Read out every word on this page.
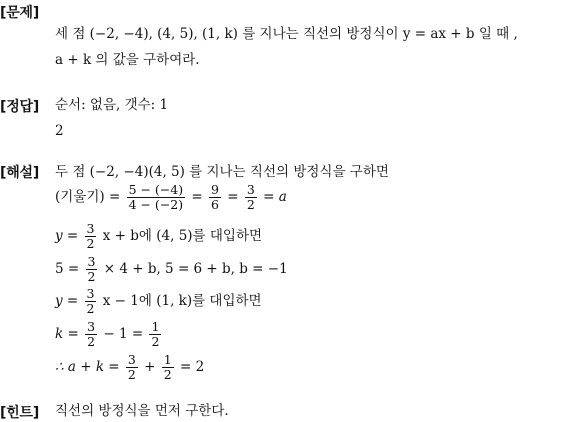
[문제]
세 점 (−2, −4), (4, 5), (1, k) 를 지나는 직선의 방정식이 y = ax + b 일 때 ,
a + k 의 값을 구하여라.
[정답] 순서: 없음, 갯수: 1
2
[해설] 두 점 (−2, −4)(4, 5) 를 지나는 직선의 방정식을 구하면
(기울기) = $\frac{5 - (-4)}{4 - (-2)} = \frac{9}{6} = \frac{3}{2} = a$
$y = \frac{3}{2}$ x + b에 (4, 5)를 대입하면
$5 = \frac{3}{2} \times 4 + b$, 5 = 6 + b, b = −1
$y = \frac{3}{2}$ x − 1에 (1, k)를 대입하면
$k = \frac{3}{2} - 1 = \frac{1}{2}$
∴ $a + k = \frac{3}{2} + \frac{1}{2} = 2$
[힌트] 직선의 방정식을 먼저 구한다.
